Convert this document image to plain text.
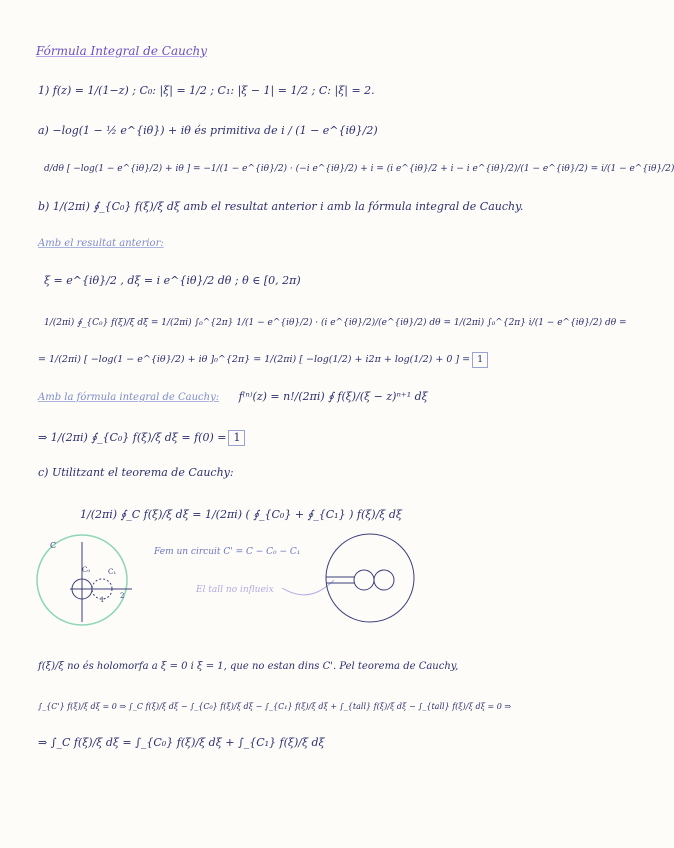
Fórmula Integral de Cauchy
1) f(z) = 1/(1−z) ; C₀: |ξ| = 1/2 ; C₁: |ξ − 1| = 1/2 ; C: |ξ| = 2.
a) −log(1 − ½ e^{iθ}) + iθ és primitiva de i / (1 − e^{iθ}/2)
d/dθ [ −log(1 − e^{iθ}/2) + iθ ] = −1/(1 − e^{iθ}/2) · (−i e^{iθ}/2) + i = (i e^{iθ}/2 + i − i e^{iθ}/2)/(1 − e^{iθ}/2) = i/(1 − e^{iθ}/2)
b) 1/(2πi) ∮_{C₀} f(ξ)/ξ dξ amb el resultat anterior i amb la fórmula integral de Cauchy.
Amb el resultat anterior:
ξ = e^{iθ}/2 , dξ = i e^{iθ}/2 dθ ; θ ∈ [0, 2π)
1/(2πi) ∮_{C₀} f(ξ)/ξ dξ = 1/(2πi) ∫₀^{2π} 1/(1 − e^{iθ}/2) · (i e^{iθ}/2)/(e^{iθ}/2) dθ = 1/(2πi) ∫₀^{2π} i/(1 − e^{iθ}/2) dθ =
= 1/(2πi) [ −log(1 − e^{iθ}/2) + iθ ]₀^{2π} = 1/(2πi) [ −log(1/2) + i2π + log(1/2) + 0 ] = 1
Amb la fórmula integral de Cauchy: f⁽ⁿ⁾(z) = n!/(2πi) ∮ f(ξ)/(ξ − z)ⁿ⁺¹ dξ
⇒ 1/(2πi) ∮_{C₀} f(ξ)/ξ dξ = f(0) = 1
c) Utilitzant el teorema de Cauchy:
1/(2πi) ∮_C f(ξ)/ξ dξ = 1/(2πi) ( ∮_{C₀} + ∮_{C₁} ) f(ξ)/ξ dξ
C
C₀	C₁
1 2
Fem un circuit C' = C − C₀ − C₁
El tall no influeix
f(ξ)/ξ no és holomorfa a ξ = 0 i ξ = 1, que no estan dins C'. Pel teorema de Cauchy,
∫_{C'} f(ξ)/ξ dξ = 0 ⇒ ∫_C f(ξ)/ξ dξ − ∫_{C₀} f(ξ)/ξ dξ − ∫_{C₁} f(ξ)/ξ dξ + ∫_{tall} f(ξ)/ξ dξ − ∫_{tall} f(ξ)/ξ dξ = 0 ⇒
⇒ ∫_C f(ξ)/ξ dξ = ∫_{C₀} f(ξ)/ξ dξ + ∫_{C₁} f(ξ)/ξ dξ
